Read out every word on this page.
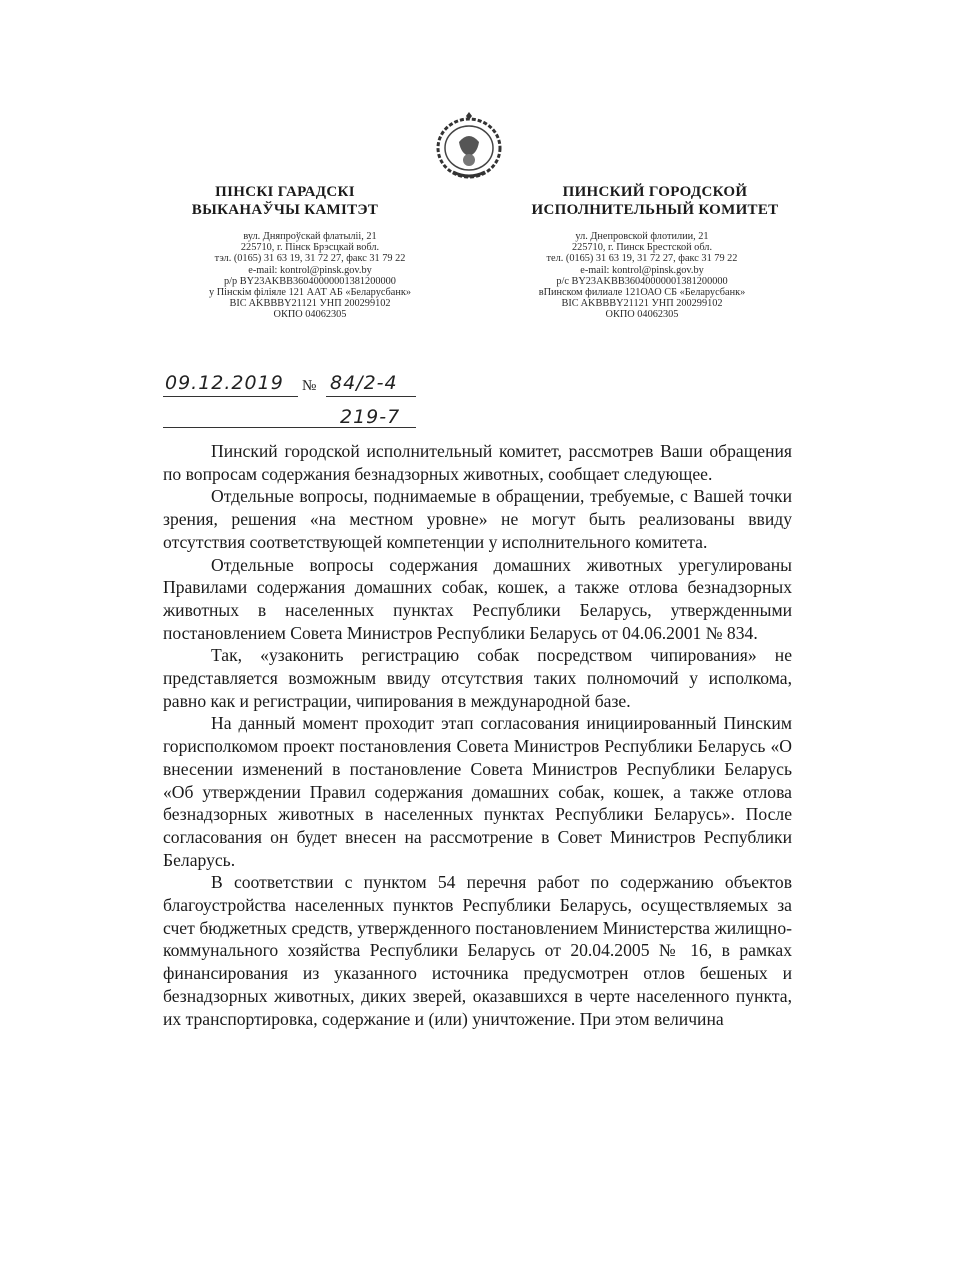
ПІНСКІ ГАРАДСКІ
ВЫКАНАЎЧЫ КАМІТЭТ
ПИНСКИЙ ГОРОДСКОЙ
ИСПОЛНИТЕЛЬНЫЙ КОМИТЕТ
вул. Дняпроўскай флатыліі, 21
225710, г. Пінск Брэсцкай вобл.
тэл. (0165) 31 63 19, 31 72 27, факс 31 79 22
e-mail: kontrol@pinsk.gov.by
р/р BY23AKBB36040000001381200000
у Пінскім філіяле 121 ААТ АБ «Беларусбанк»
BIC AKBBBY21121 УНП 200299102
ОКПО 04062305
ул. Днепровской флотилии, 21
225710, г. Пинск Брестской обл.
тел. (0165) 31 63 19, 31 72 27, факс 31 79 22
e-mail: kontrol@pinsk.gov.by
р/с BY23AKBB36040000001381200000
вПинском филиале 121ОАО СБ «Беларусбанк»
BIC AKBBBY21121 УНП 200299102
ОКПО 04062305
09.12.2019 № 84/2-4
219-7

Пинский городской исполнительный комитет, рассмотрев Ваши обращения по вопросам содержания безнадзорных животных, сообщает следующее.

Отдельные вопросы, поднимаемые в обращении, требуемые, с Вашей точки зрения, решения «на местном уровне» не могут быть реализованы ввиду отсутствия соответствующей компетенции у исполнительного комитета.

Отдельные вопросы содержания домашних животных урегулированы Правилами содержания домашних собак, кошек, а также отлова безнадзорных животных в населенных пунктах Республики Беларусь, утвержденными постановлением Совета Министров Республики Беларусь от 04.06.2001 № 834.

Так, «узаконить регистрацию собак посредством чипирования» не представляется возможным ввиду отсутствия таких полномочий у исполкома, равно как и регистрации, чипирования в международной базе.

На данный момент проходит этап согласования инициированный Пинским горисполкомом проект постановления Совета Министров Республики Беларусь «О внесении изменений в постановление Совета Министров Республики Беларусь «Об утверждении Правил содержания домашних собак, кошек, а также отлова безнадзорных животных в населенных пунктах Республики Беларусь». После согласования он будет внесен на рассмотрение в Совет Министров Республики Беларусь.

В соответствии с пунктом 54 перечня работ по содержанию объектов благоустройства населенных пунктов Республики Беларусь, осуществляемых за счет бюджетных средств, утвержденного постановлением Министерства жилищно-коммунального хозяйства Республики Беларусь от 20.04.2005 № 16, в рамках финансирования из указанного источника предусмотрен отлов бешеных и безнадзорных животных, диких зверей, оказавшихся в черте населенного пункта, их транспортировка, содержание и (или) уничтожение. При этом величина
